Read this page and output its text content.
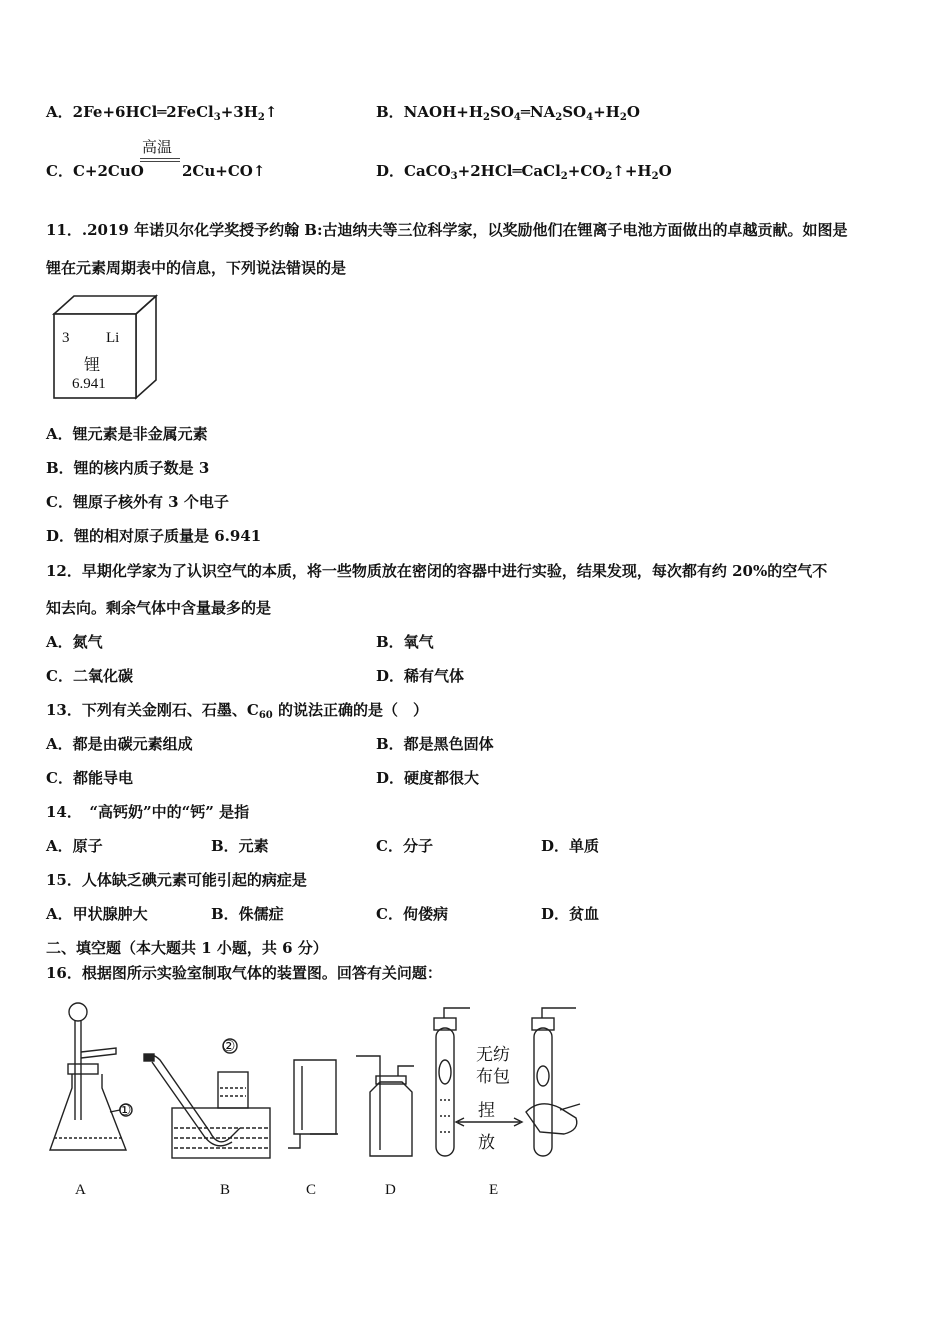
A．$2Fe+6HCl═2FeCl_3+3H_2↑$	B．$NAOH+H_2SO_4═NA_2SO_4+H_2O$
C．C+2CuO
高温
2Cu+CO↑	D．$CaCO_3+2HCl═CaCl_2+CO_2↑+H_2O$
11．.2019 年诺贝尔化学奖授予约翰 B:古迪纳夫等三位科学家，以奖励他们在锂离子电池方面做出的卓越贡献。如图是
锂在元素周期表中的信息，下列说法错误的是
3 Li
锂
6.941
A．锂元素是非金属元素
B．锂的核内质子数是 3
C．锂原子核外有 3 个电子
D．锂的相对原子质量是 6.941
12．早期化学家为了认识空气的本质，将一些物质放在密闭的容器中进行实验，结果发现，每次都有约 20%的空气不
知去向。剩余气体中含量最多的是
A．氮气	B．氧气
C．二氧化碳	D．稀有气体
13．下列有关金刚石、石墨、$C_{60}$ 的说法正确的是（　）
A．都是由碳元素组成	B．都是黑色固体
C．都能导电	D．硬度都很大
14．　“高钙奶”中的“钙” 是指
A．原子	B．元素	C．分子	D．单质
15．人体缺乏碘元素可能引起的病症是
A．甲状腺肿大	B．侏儒症	C．佝偻病	D．贫血
二、填空题（本大题共 1 小题，共 6 分）
16．根据图所示实验室制取气体的装置图。回答有关问题：
①
②	无纺
布包
捏
放
A	B	C	D	E
